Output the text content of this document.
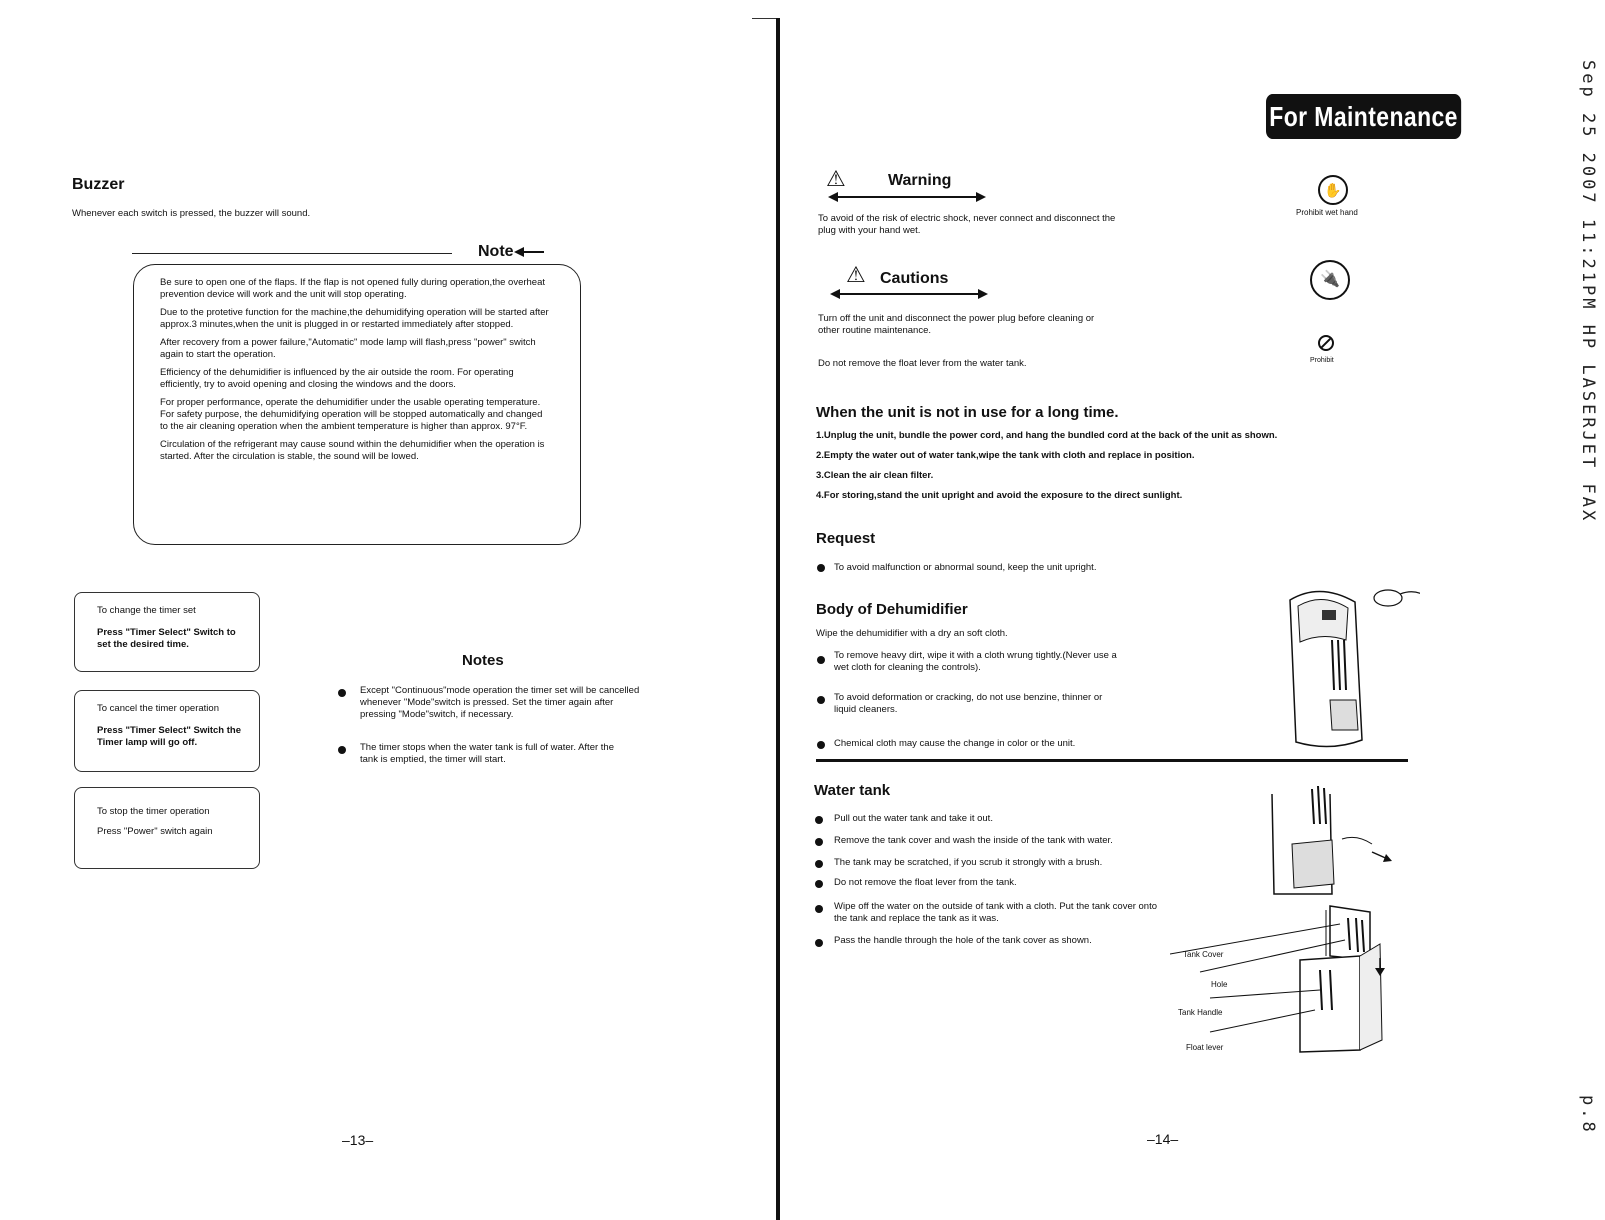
Buzzer
Whenever each switch is pressed, the buzzer will sound.
Note

Be sure to open one of the flaps. If the flap is not opened fully during operation,the overheat prevention device will work and the unit will stop operating.

Due to the protetive function for the machine,the dehumidifying operation will be started after approx.3 minutes,when the unit is plugged in or restarted immediately after stopped.

After recovery from a power failure,"Automatic" mode lamp will flash,press "power" switch again to start the operation.

Efficiency of the dehumidifier is influenced by the air outside the room. For operating efficiently, try to avoid opening and closing the windows and the doors.

For proper performance, operate the dehumidifier under the usable operating temperature. For safety purpose, the dehumidifying operation will be stopped automatically and changed to the air cleaning operation when the ambient temperature is higher than approx. 97°F.

Circulation of the refrigerant may cause sound within the dehumidifier when the operation is started. After the circulation is stable, the sound will be lowed.

To change the timer set
Press "Timer Select" Switch to set the desired time.
To cancel the timer operation
Press "Timer Select" Switch the Timer lamp will go off.
To stop the timer operation
Press "Power" switch again
Notes
Except "Continuous"mode operation the timer set will be cancelled whenever "Mode"switch is pressed. Set the timer again after pressing "Mode"switch, if necessary.
The timer stops when the water tank is full of water. After the tank is emptied, the timer will start.
–13–
For Maintenance
⚠	Warning
To avoid of the risk of electric shock, never connect and disconnect the plug with your hand wet.
✋
Prohibit wet hand
⚠ Cautions
Turn off the unit and disconnect the power plug before cleaning or other routine maintenance.
🔌
Do not remove the float lever from the water tank.	Prohibit
When the unit is not in use for a long time.
1.Unplug the unit, bundle the power cord, and hang the bundled cord at the back of the unit as shown.
2.Empty the water out of water tank,wipe the tank with cloth and replace in position.
3.Clean the air clean filter.
4.For storing,stand the unit upright and avoid the exposure to the direct sunlight.
Request
To avoid malfunction or abnormal sound, keep the unit upright.
Body of Dehumidifier
Wipe the dehumidifier with a dry an soft cloth.
To remove heavy dirt, wipe it with a cloth wrung tightly.(Never use a wet cloth for cleaning the controls).
To avoid deformation or cracking, do not use benzine, thinner or liquid cleaners.
Chemical cloth may cause the change in color or the unit.
Water tank
Pull out the water tank and take it out.
Remove the tank cover and wash the inside of the tank with water.
The tank may be scratched, if you scrub it strongly with a brush.
Do not remove the float lever from the tank.
Wipe off the water on the outside of tank with a cloth. Put the tank cover onto the tank and replace the tank as it was.
Pass the handle through the hole of the tank cover as shown.
Tank Cover
Hole
Tank Handle
Float lever
–14–
Sep 25 2007 11:21PM HP LASERJET FAX
p.8
